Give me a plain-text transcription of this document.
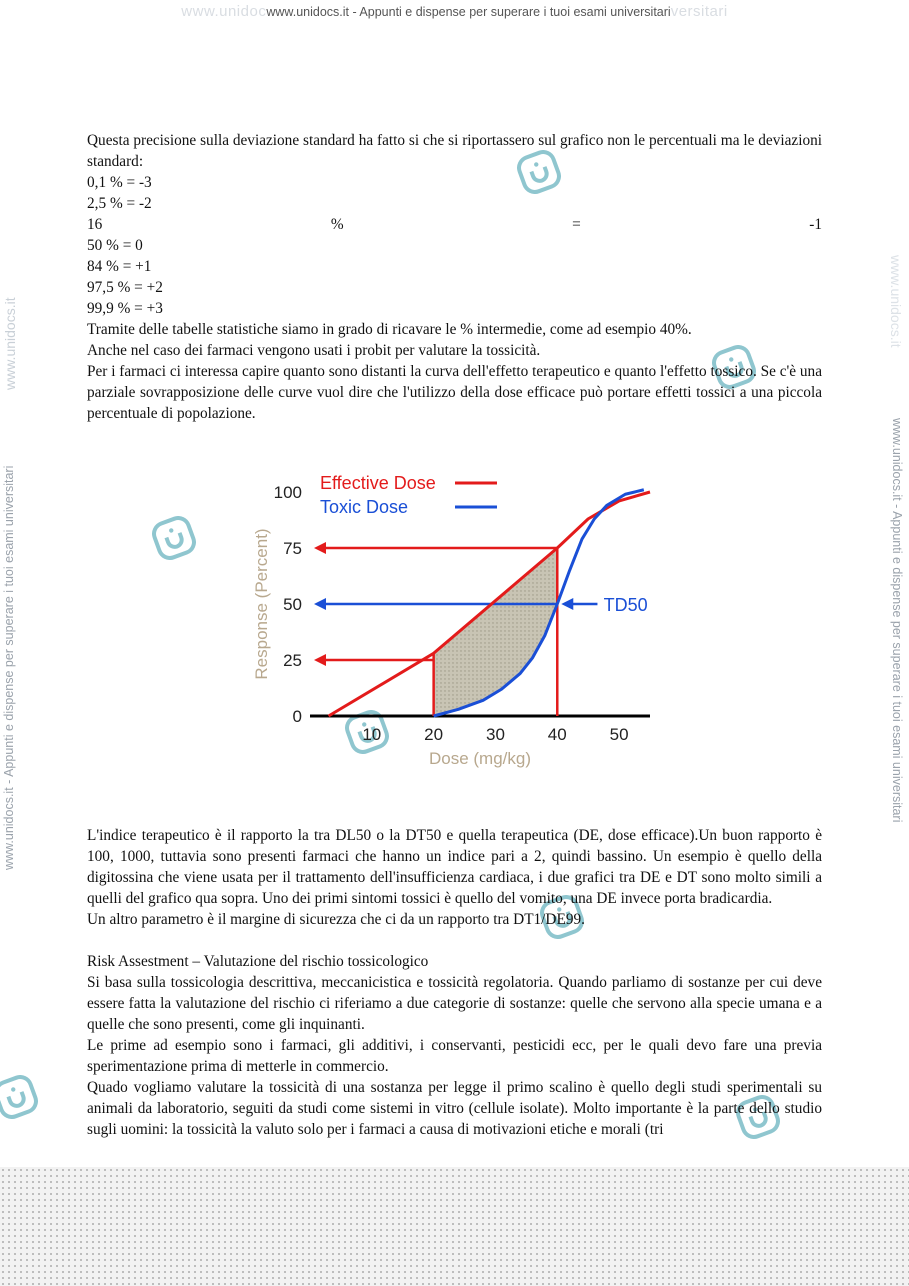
www.unidocwww.unidocs.it - Appunti e dispense per superare i tuoi esami universitariversitari
www.unidocs.it - Appunti e dispense per superare i tuoi esami universitari	www.unidocs.it - Appunti e dispense per superare i tuoi esami universitari
www.unidocs.it	www.unidocs.it

Questa precisione sulla deviazione standard ha fatto si che si riportassero sul grafico non le percentuali ma le deviazioni standard:

0,1 % = -3
2,5 % = -2
16	%	=	-1
50 % = 0
84 % = +1
97,5 % = +2
99,9 % = +3

Tramite delle tabelle statistiche siamo in grado di ricavare le % intermedie, come ad esempio 40%.

Anche nel caso dei farmaci vengono usati i probit per valutare la tossicità.

Per i farmaci ci interessa capire quanto sono distanti la curva dell'effetto terapeutico e quanto l'effetto tossico. Se c'è una parziale sovrapposizione delle curve vuol dire che l'utilizzo della dose efficace può portare effetti tossici a una piccola percentuale di popolazione.

0
25
50
75
100
10	20	30	40	50
Dose (mg/kg)
Response (Percent)	TD50
Effective Dose
Toxic Dose

L'indice terapeutico è il rapporto la tra DL50 o la DT50 e quella terapeutica (DE, dose efficace).Un buon rapporto è 100, 1000, tuttavia sono presenti farmaci che hanno un indice pari a 2, quindi bassino. Un esempio è quello della digitossina che viene usata per il trattamento dell'insufficienza cardiaca, i due grafici tra DE e DT sono molto simili a quelli del grafico qua sopra. Uno dei primi sintomi tossici è quello del vomito, una DE invece porta bradicardia.

Un altro parametro è il margine di sicurezza che ci da un rapporto tra DT1/DE99.

Risk Assestment – Valutazione del rischio tossicologico

Si basa sulla tossicologia descrittiva, meccanicistica e tossicità regolatoria. Quando parliamo di sostanze per cui deve essere fatta la valutazione del rischio ci riferiamo a due categorie di sostanze: quelle che servono alla specie umana e a quelle che sono presenti, come gli inquinanti.

Le prime ad esempio sono i farmaci, gli additivi, i conservanti, pesticidi ecc, per le quali devo fare una previa sperimentazione prima di metterle in commercio.

Quado vogliamo valutare la tossicità di una sostanza per legge il primo scalino è quello degli studi sperimentali su animali da laboratorio, seguiti da studi come sistemi in vitro (cellule isolate). Molto importante è la parte dello studio sugli uomini: la tossicità la valuto solo per i farmaci a causa di motivazioni etiche e morali (tri
